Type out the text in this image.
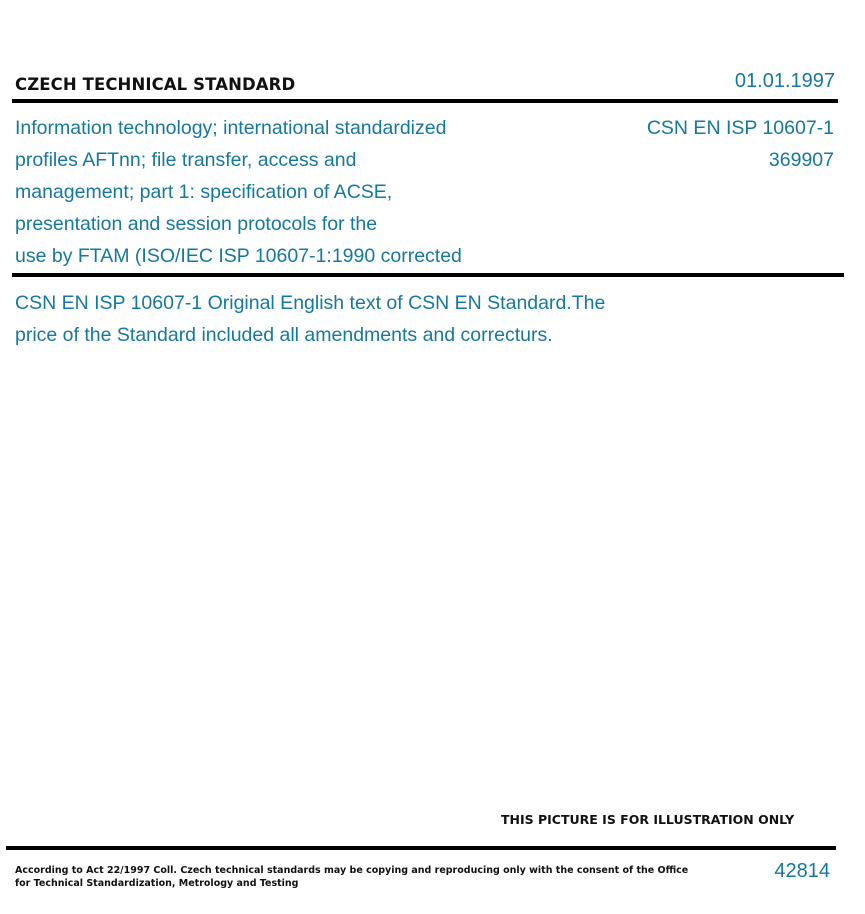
CZECH TECHNICAL STANDARD	01.01.1997
Information technology; international standardized
profiles AFTnn; file transfer, access and
management; part 1: specification of ACSE,
presentation and session protocols for the
use by FTAM (ISO/IEC ISP 10607-1:1990 corrected
CSN EN ISP 10607-1
369907
CSN EN ISP 10607-1 Original English text of CSN EN Standard.The
price of the Standard included all amendments and correcturs.
THIS PICTURE IS FOR ILLUSTRATION ONLY
According to Act 22/1997 Coll. Czech technical standards may be copying and reproducing only with the consent of the Office
for Technical Standardization, Metrology and Testing
42814
